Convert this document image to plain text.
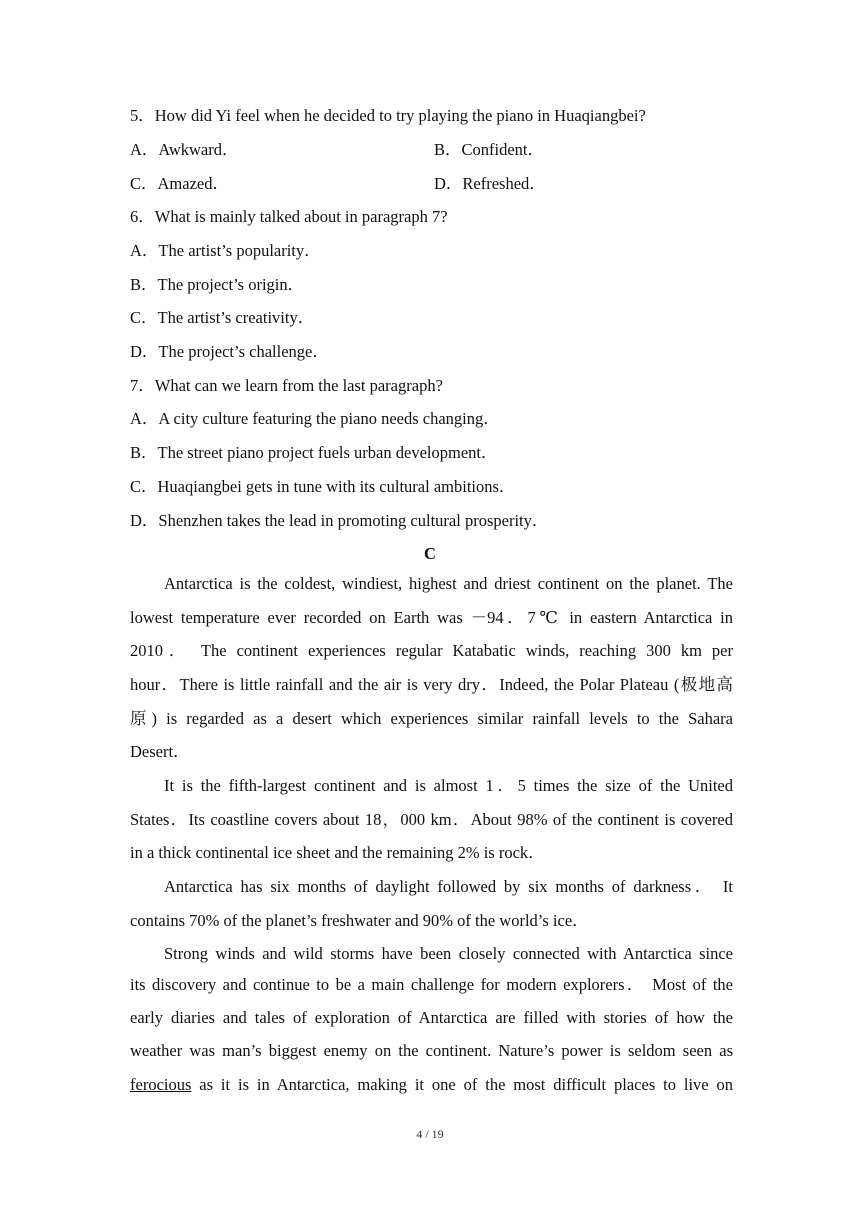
5．How did Yi feel when he decided to try playing the piano in Huaqiangbei?
A．Awkward．	B．Confident．
C．Amazed．	D．Refreshed．
6．What is mainly talked about in paragraph 7?
A．The artist’s popularity．
B．The project’s origin．
C．The artist’s creativity．
D．The project’s challenge．
7．What can we learn from the last paragraph?
A．A city culture featuring the piano needs changing．
B．The street piano project fuels urban development．
C．Huaqiangbei gets in tune with its cultural ambitions．
D．Shenzhen takes the lead in promoting cultural prosperity．
C
Antarctica is the coldest, windiest, highest and driest continent on the planet. The
lowest temperature ever recorded on Earth was －94．7℃ in eastern Antarctica in
2010． The continent experiences regular Katabatic winds, reaching 300 km per
hour．There is little rainfall and the air is very dry．Indeed, the Polar Plateau (极地高
原) is regarded as a desert which experiences similar rainfall levels to the Sahara
Desert．
It is the fifth-largest continent and is almost 1．5 times the size of the United
States．Its coastline covers about 18，000 km．About 98% of the continent is covered
in a thick continental ice sheet and the remaining 2% is rock．
Antarctica has six months of daylight followed by six months of darkness． It
contains 70% of the planet’s freshwater and 90% of the world’s ice．
Strong winds and wild storms have been closely connected with Antarctica since
its discovery and continue to be a main challenge for modern explorers． Most of the
early diaries and tales of exploration of Antarctica are filled with stories of how the
weather was man’s biggest enemy on the continent. Nature’s power is seldom seen as
ferocious as it is in Antarctica, making it one of the most difficult places to live on
4 / 19
